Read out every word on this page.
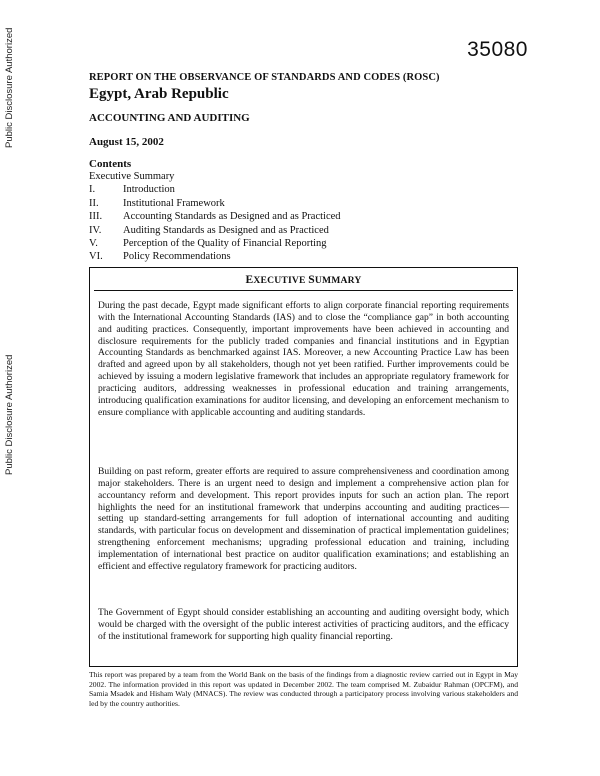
Public Disclosure Authorized
Public Disclosure Authorized
35080
REPORT ON THE OBSERVANCE OF STANDARDS AND CODES (ROSC)
Egypt, Arab Republic
ACCOUNTING AND AUDITING
August 15, 2002
Contents
Executive Summary
I.	Introduction
II.	Institutional Framework
III.	Accounting Standards as Designed and as Practiced
IV.	Auditing Standards as Designed and as Practiced
V.	Perception of the Quality of Financial Reporting
VI.	Policy Recommendations
EXECUTIVE SUMMARY
During the past decade, Egypt made significant efforts to align corporate financial reporting requirements with the International Accounting Standards (IAS) and to close the “compliance gap” in both accounting and auditing practices. Consequently, important improvements have been achieved in accounting and disclosure requirements for the publicly traded companies and financial institutions and in Egyptian Accounting Standards as benchmarked against IAS. Moreover, a new Accounting Practice Law has been drafted and agreed upon by all stakeholders, though not yet been ratified. Further improvements could be achieved by issuing a modern legislative framework that includes an appropriate regulatory framework for practicing auditors, addressing weaknesses in professional education and training arrangements, introducing qualification examinations for auditor licensing, and developing an enforcement mechanism to ensure compliance with applicable accounting and auditing standards.
Building on past reform, greater efforts are required to assure comprehensiveness and coordination among major stakeholders. There is an urgent need to design and implement a comprehensive action plan for accountancy reform and development. This report provides inputs for such an action plan. The report highlights the need for an institutional framework that underpins accounting and auditing practices—setting up standard-setting arrangements for full adoption of international accounting and auditing standards, with particular focus on development and dissemination of practical implementation guidelines; strengthening enforcement mechanisms; upgrading professional education and training, including implementation of international best practice on auditor qualification examinations; and establishing an efficient and effective regulatory framework for practicing auditors.
The Government of Egypt should consider establishing an accounting and auditing oversight body, which would be charged with the oversight of the public interest activities of practicing auditors, and the efficacy of the institutional framework for supporting high quality financial reporting.
This report was prepared by a team from the World Bank on the basis of the findings from a diagnostic review carried out in Egypt in May 2002. The information provided in this report was updated in December 2002. The team comprised M. Zubaidur Rahman (OPCFM), and Samia Msadek and Hisham Waly (MNACS). The review was conducted through a participatory process involving various stakeholders and led by the country authorities.
